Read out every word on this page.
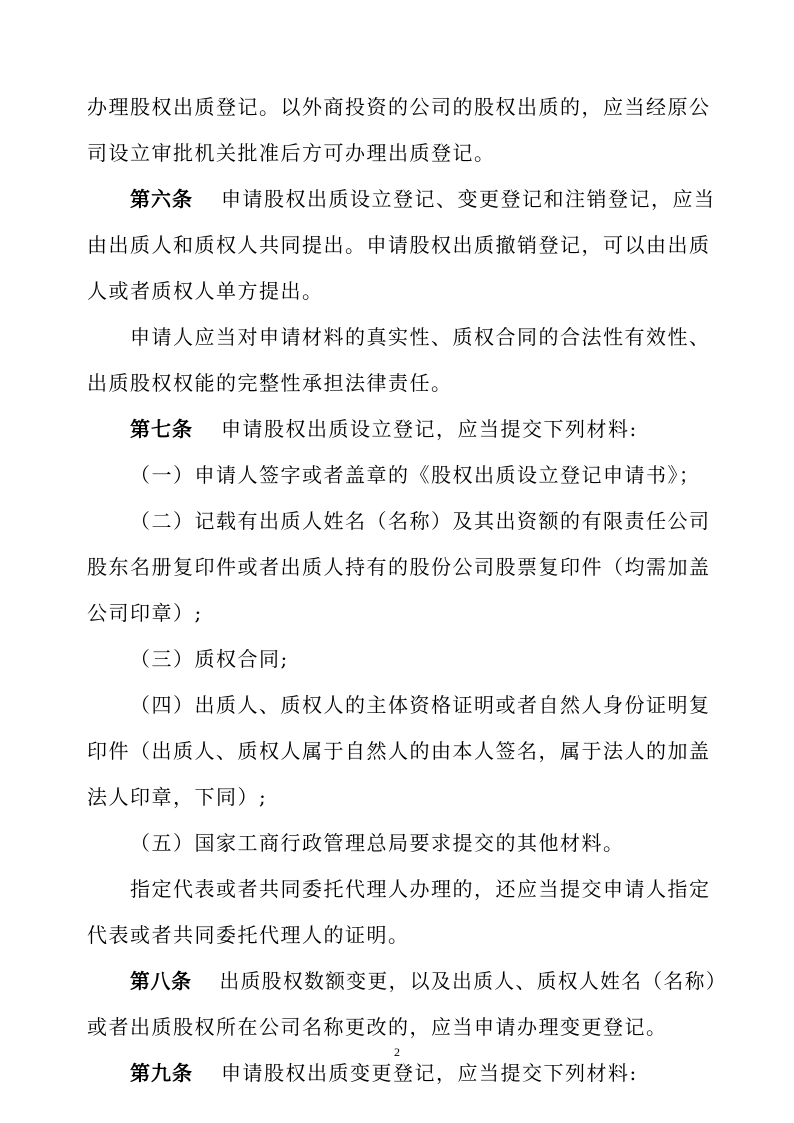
办理股权出质登记。以外商投资的公司的股权出质的，应当经原公
司设立审批机关批准后方可办理出质登记。
第六条 申请股权出质设立登记、变更登记和注销登记，应当
由出质人和质权人共同提出。申请股权出质撤销登记，可以由出质
人或者质权人单方提出。
申请人应当对申请材料的真实性、质权合同的合法性有效性、
出质股权权能的完整性承担法律责任。
第七条 申请股权出质设立登记，应当提交下列材料:
（一）申请人签字或者盖章的《股权出质设立登记申请书》；
（二）记载有出质人姓名（名称）及其出资额的有限责任公司
股东名册复印件或者出质人持有的股份公司股票复印件（均需加盖
公司印章）;
（三）质权合同;
（四）出质人、质权人的主体资格证明或者自然人身份证明复
印件（出质人、质权人属于自然人的由本人签名，属于法人的加盖
法人印章，下同）;
（五）国家工商行政管理总局要求提交的其他材料。
指定代表或者共同委托代理人办理的，还应当提交申请人指定
代表或者共同委托代理人的证明。
第八条 出质股权数额变更，以及出质人、质权人姓名（名称）
或者出质股权所在公司名称更改的，应当申请办理变更登记。
第九条 申请股权出质变更登记，应当提交下列材料:
2
